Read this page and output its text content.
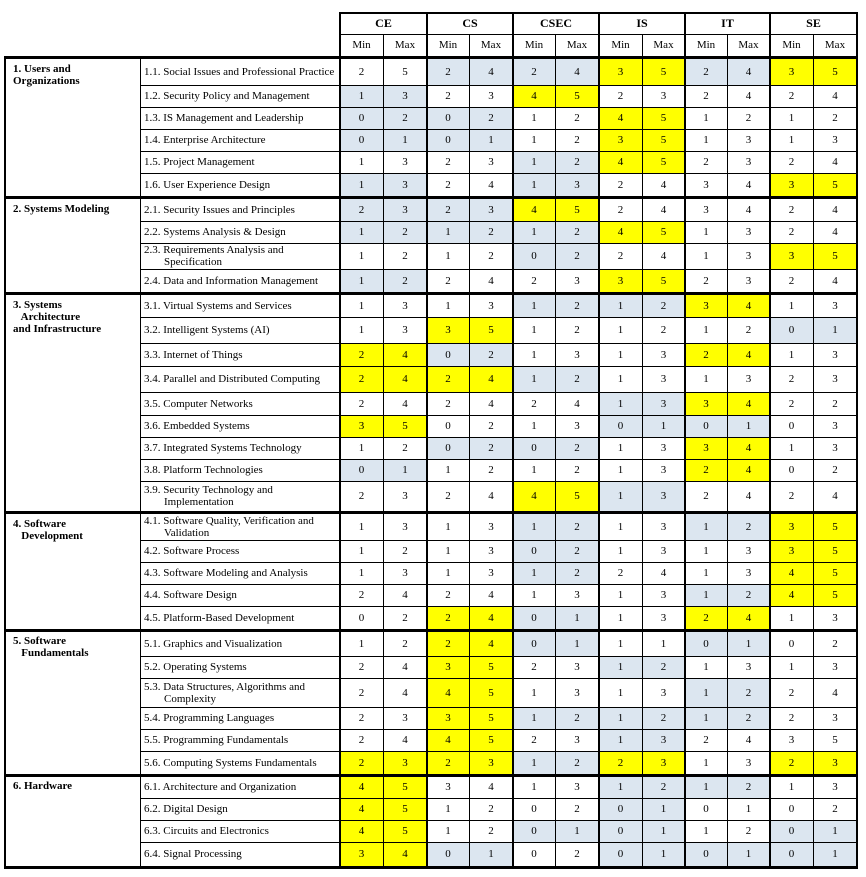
CE
Min	Max
CS
Min	Max
CSEC
Min	Max
IS
Min	Max
IT
Min	Max
SE
Min	Max
1. Users and
Organizations
1.1. Social Issues and Professional Practice	2	5	2	4	2	4	3	5	2	4	3	5
1.2. Security Policy and Management	1	3	2	3	4	5	2	3	2	4	2	4
1.3. IS Management and Leadership	0	2	0	2	1	2	4	5	1	2	1	2
1.4. Enterprise Architecture	0	1	0	1	1	2	3	5	1	3	1	3
1.5. Project Management	1	3	2	3	1	2	4	5	2	3	2	4
1.6. User Experience Design	1	3	2	4	1	3	2	4	3	4	3	5
2. Systems Modeling	2.1. Security Issues and Principles	2	3	2	3	4	5	2	4	3	4	2	4
2.2. Systems Analysis & Design	1	2	1	2	1	2	4	5	1	3	2	4
2.3. Requirements Analysis and Specification	1	2	1	2	0	2	2	4	1	3	3	5
2.4. Data and Information Management	1	2	2	4	2	3	3	5	2	3	2	4
3. Systems
Architecture
and Infrastructure
3.1. Virtual Systems and Services	1	3	1	3	1	2	1	2	3	4	1	3
3.2. Intelligent Systems (AI)	1	3	3	5	1	2	1	2	1	2	0	1
3.3. Internet of Things	2	4	0	2	1	3	1	3	2	4	1	3
3.4. Parallel and Distributed Computing	2	4	2	4	1	2	1	3	1	3	2	3
3.5. Computer Networks	2	4	2	4	2	4	1	3	3	4	2	2
3.6. Embedded Systems	3	5	0	2	1	3	0	1	0	1	0	3
3.7. Integrated Systems Technology	1	2	0	2	0	2	1	3	3	4	1	3
3.8. Platform Technologies	0	1	1	2	1	2	1	3	2	4	0	2
3.9. Security Technology and Implementation	2	3	2	4	4	5	1	3	2	4	2	4
4. Software
Development
4.1. Software Quality, Verification and Validation	1	3	1	3	1	2	1	3	1	2	3	5
4.2. Software Process	1	2	1	3	0	2	1	3	1	3	3	5
4.3. Software Modeling and Analysis	1	3	1	3	1	2	2	4	1	3	4	5
4.4. Software Design	2	4	2	4	1	3	1	3	1	2	4	5
4.5. Platform-Based Development	0	2	2	4	0	1	1	3	2	4	1	3
5. Software
Fundamentals
5.1. Graphics and Visualization	1	2	2	4	0	1	1	1	0	1	0	2
5.2. Operating Systems	2	4	3	5	2	3	1	2	1	3	1	3
5.3. Data Structures, Algorithms and Complexity	2	4	4	5	1	3	1	3	1	2	2	4
5.4. Programming Languages	2	3	3	5	1	2	1	2	1	2	2	3
5.5. Programming Fundamentals	2	4	4	5	2	3	1	3	2	4	3	5
5.6. Computing Systems Fundamentals	2	3	2	3	1	2	2	3	1	3	2	3
6. Hardware	6.1. Architecture and Organization	4	5	3	4	1	3	1	2	1	2	1	3
6.2. Digital Design	4	5	1	2	0	2	0	1	0	1	0	2
6.3. Circuits and Electronics	4	5	1	2	0	1	0	1	1	2	0	1
6.4. Signal Processing	3	4	0	1	0	2	0	1	0	1	0	1
